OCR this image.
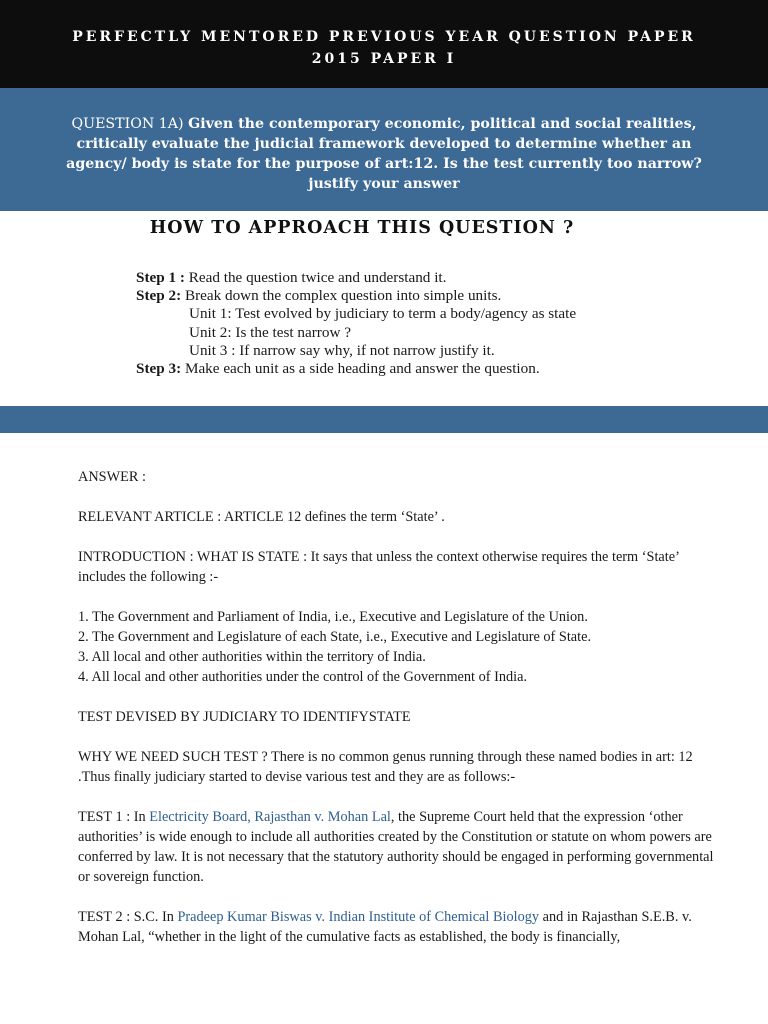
PERFECTLY MENTORED PREVIOUS YEAR QUESTION PAPER
2015 PAPER I
QUESTION 1A) Given the contemporary economic, political and social realities, critically evaluate the judicial framework developed to determine whether an agency/ body is state for the purpose of art:12. Is the test currently too narrow? justify your answer
HOW TO APPROACH THIS QUESTION ?
Step 1 : Read the question twice and understand it.
Step 2: Break down the complex question into simple units.
Unit 1: Test evolved by judiciary to term a body/agency as state
Unit 2: Is the test narrow ?
Unit 3 : If narrow say why, if not narrow justify it.
Step 3: Make each unit as a side heading and answer the question.

ANSWER :

RELEVANT ARTICLE : ARTICLE 12 defines the term ‘State’ .

INTRODUCTION : WHAT IS STATE : It says that unless the context otherwise requires the term ‘State’ includes the following :-

1. The Government and Parliament of India, i.e., Executive and Legislature of the Union.

2. The Government and Legislature of each State, i.e., Executive and Legislature of State.

3. All local and other authorities within the territory of India.

4. All local and other authorities under the control of the Government of India.

TEST DEVISED BY JUDICIARY TO IDENTIFYSTATE

WHY WE NEED SUCH TEST ? There is no common genus running through these named bodies in art: 12 .Thus finally judiciary started to devise various test and they are as follows:-

TEST 1 : In Electricity Board, Rajasthan v. Mohan Lal, the Supreme Court held that the expression ‘other authorities’ is wide enough to include all authorities created by the Constitution or statute on whom powers are conferred by law. It is not necessary that the statutory authority should be engaged in performing governmental or sovereign function.

TEST 2 : S.C. In Pradeep Kumar Biswas v. Indian Institute of Chemical Biology and in Rajasthan S.E.B. v. Mohan Lal, “whether in the light of the cumulative facts as established, the body is financially,
